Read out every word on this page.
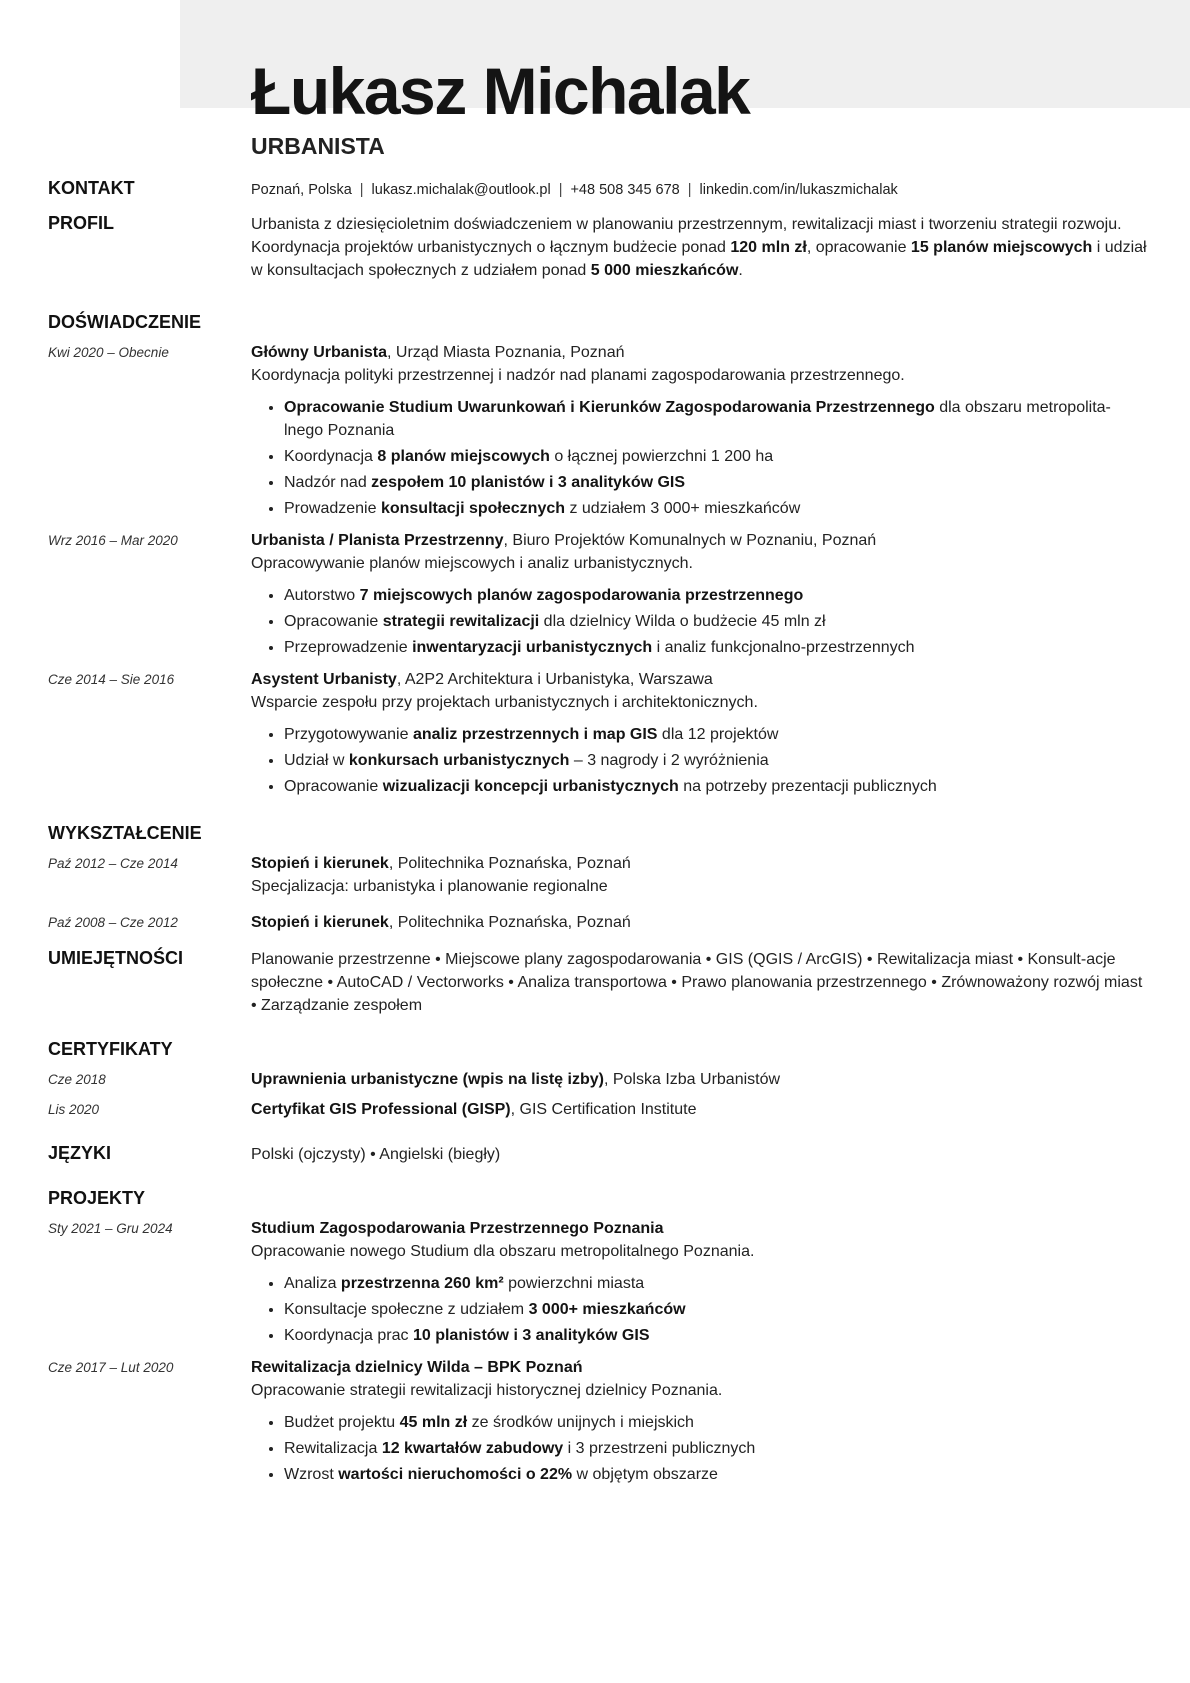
Łukasz Michalak
URBANISTA
KONTAKT	Poznań, Polska | lukasz.michalak@outlook.pl | +48 508 345 678 | linkedin.com/in/lukaszmichalak
PROFIL	Urbanista z dziesięcioletnim doświadczeniem w planowaniu przestrzennym, rewitalizacji miast i tworzeniu strategii rozwoju. Koordynacja projektów urbanistycznych o łącznym budżecie ponad 120 mln zł, opracowanie 15 planów miejscowych i udział w konsultacjach społecznych z udziałem ponad 5 000 mieszkańców.
DOŚWIADCZENIE
Kwi 2020 – Obecnie	Główny Urbanista, Urząd Miasta Poznania, Poznań
Koordynacja polityki przestrzennej i nadzór nad planami zagospodarowania przestrzennego.
• Opracowanie Studium Uwarunkowań i Kierunków Zagospodarowania Przestrzennego dla obszaru metropolita-lnego Poznania
• Koordynacja 8 planów miejscowych o łącznej powierzchni 1 200 ha
• Nadzór nad zespołem 10 planistów i 3 analityków GIS
• Prowadzenie konsultacji społecznych z udziałem 3 000+ mieszkańców
Wrz 2016 – Mar 2020	Urbanista / Planista Przestrzenny, Biuro Projektów Komunalnych w Poznaniu, Poznań
Opracowywanie planów miejscowych i analiz urbanistycznych.
• Autorstwo 7 miejscowych planów zagospodarowania przestrzennego
• Opracowanie strategii rewitalizacji dla dzielnicy Wilda o budżecie 45 mln zł
• Przeprowadzenie inwentaryzacji urbanistycznych i analiz funkcjonalno-przestrzennych
Cze 2014 – Sie 2016	Asystent Urbanisty, A2P2 Architektura i Urbanistyka, Warszawa
Wsparcie zespołu przy projektach urbanistycznych i architektonicznych.
• Przygotowywanie analiz przestrzennych i map GIS dla 12 projektów
• Udział w konkursach urbanistycznych – 3 nagrody i 2 wyróżnienia
• Opracowanie wizualizacji koncepcji urbanistycznych na potrzeby prezentacji publicznych
WYKSZTAŁCENIE
Paź 2012 – Cze 2014	Stopień i kierunek, Politechnika Poznańska, Poznań
Specjalizacja: urbanistyka i planowanie regionalne
Paź 2008 – Cze 2012	Stopień i kierunek, Politechnika Poznańska, Poznań
UMIEJĘTNOŚCI	Planowanie przestrzenne • Miejscowe plany zagospodarowania • GIS (QGIS / ArcGIS) • Rewitalizacja miast • Konsult-acje społeczne • AutoCAD / Vectorworks • Analiza transportowa • Prawo planowania przestrzennego • Zrównoważony rozwój miast • Zarządzanie zespołem
CERTYFIKATY
Cze 2018	Uprawnienia urbanistyczne (wpis na listę izby), Polska Izba Urbanistów
Lis 2020	Certyfikat GIS Professional (GISP), GIS Certification Institute
JĘZYKI	Polski (ojczysty) • Angielski (biegły)
PROJEKTY
Sty 2021 – Gru 2024	Studium Zagospodarowania Przestrzennego Poznania
Opracowanie nowego Studium dla obszaru metropolitalnego Poznania.
• Analiza przestrzenna 260 km² powierzchni miasta
• Konsultacje społeczne z udziałem 3 000+ mieszkańców
• Koordynacja prac 10 planistów i 3 analityków GIS
Cze 2017 – Lut 2020	Rewitalizacja dzielnicy Wilda – BPK Poznań
Opracowanie strategii rewitalizacji historycznej dzielnicy Poznania.
• Budżet projektu 45 mln zł ze środków unijnych i miejskich
• Rewitalizacja 12 kwartałów zabudowy i 3 przestrzeni publicznych
• Wzrost wartości nieruchomości o 22% w objętym obszarze
